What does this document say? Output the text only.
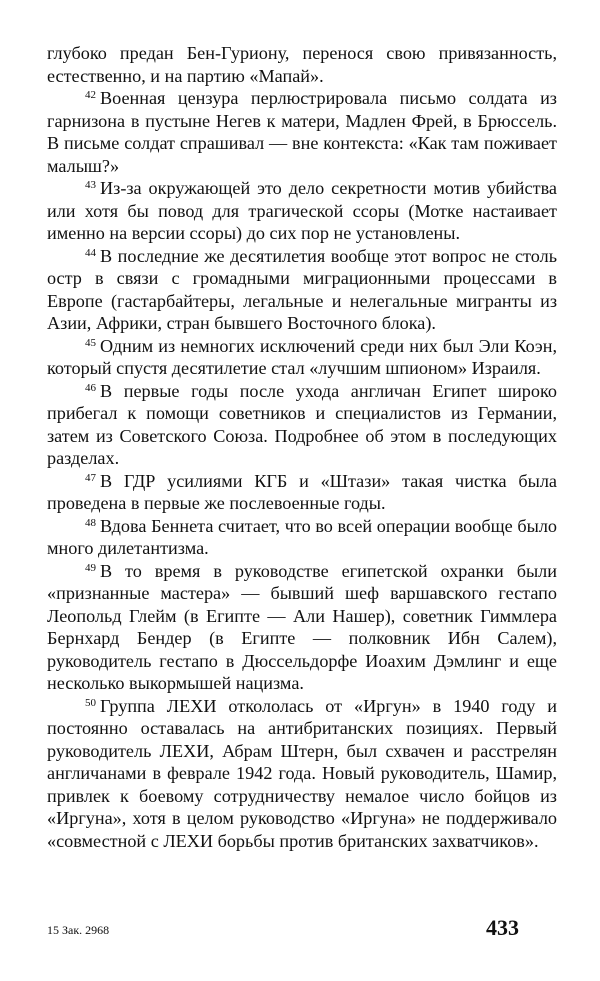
глубоко предан Бен-Гуриону, перенося свою привязанность, естественно, и на партию «Мапай».

$^{42}$ Военная цензура перлюстрировала письмо солдата из гарнизона в пустыне Негев к матери, Мадлен Фрей, в Брюссель. В письме солдат спрашивал — вне контекста: «Как там поживает малыш?»

$^{43}$ Из-за окружающей это дело секретности мотив убийства или хотя бы повод для трагической ссоры (Мотке настаивает именно на версии ссоры) до сих пор не установлены.

$^{44}$ В последние же десятилетия вообще этот вопрос не столь остр в связи с громадными миграционными процессами в Европе (гастарбайтеры, легальные и нелегальные мигранты из Азии, Африки, стран бывшего Восточного блока).

$^{45}$ Одним из немногих исключений среди них был Эли Коэн, который спустя десятилетие стал «лучшим шпионом» Израиля.

$^{46}$ В первые годы после ухода англичан Египет широко прибегал к помощи советников и специалистов из Германии, затем из Советского Союза. Подробнее об этом в последующих разделах.

$^{47}$ В ГДР усилиями КГБ и «Штази» такая чистка была проведена в первые же послевоенные годы.

$^{48}$ Вдова Беннета считает, что во всей операции вообще было много дилетантизма.

$^{49}$ В то время в руководстве египетской охранки были «признанные мастера» — бывший шеф варшавского гестапо Леопольд Глейм (в Египте — Али Нашер), советник Гиммлера Бернхард Бендер (в Египте — полковник Ибн Салем), руководитель гестапо в Дюссельдорфе Иоахим Дэмлинг и еще несколько выкормышей нацизма.

$^{50}$ Группа ЛЕХИ откололась от «Иргун» в 1940 году и постоянно оставалась на антибританских позициях. Первый руководитель ЛЕХИ, Абрам Штерн, был схвачен и расстрелян англичанами в феврале 1942 года. Новый руководитель, Шамир, привлек к боевому сотрудничеству немалое число бойцов из «Иргуна», хотя в целом руководство «Иргуна» не поддерживало «совместной с ЛЕХИ борьбы против британских захватчиков».

15 Зак. 2968	433
